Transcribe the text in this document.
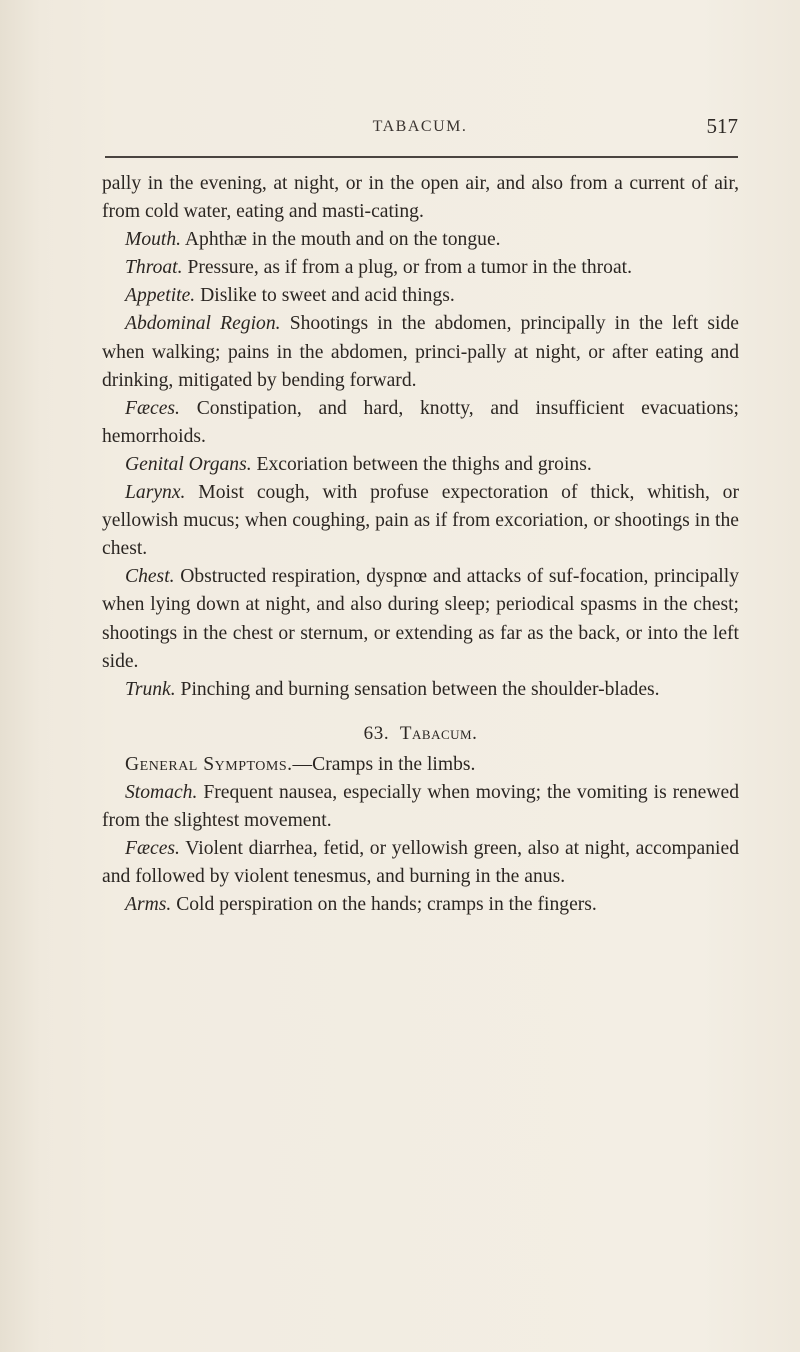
TABACUM.	517

pally in the evening, at night, or in the open air, and also from a current of air, from cold water, eating and masti-cating.

Mouth. Aphthæ in the mouth and on the tongue.

Throat. Pressure, as if from a plug, or from a tumor in the throat.

Appetite. Dislike to sweet and acid things.

Abdominal Region. Shootings in the abdomen, principally in the left side when walking; pains in the abdomen, princi-pally at night, or after eating and drinking, mitigated by bending forward.

Fæces. Constipation, and hard, knotty, and insufficient evacuations; hemorrhoids.

Genital Organs. Excoriation between the thighs and groins.

Larynx. Moist cough, with profuse expectoration of thick, whitish, or yellowish mucus; when coughing, pain as if from excoriation, or shootings in the chest.

Chest. Obstructed respiration, dyspnœ and attacks of suf-focation, principally when lying down at night, and also during sleep; periodical spasms in the chest; shootings in the chest or sternum, or extending as far as the back, or into the left side.

Trunk. Pinching and burning sensation between the shoulder-blades.

63. Tabacum.

General Symptoms.—Cramps in the limbs.

Stomach. Frequent nausea, especially when moving; the vomiting is renewed from the slightest movement.

Fæces. Violent diarrhea, fetid, or yellowish green, also at night, accompanied and followed by violent tenesmus, and burning in the anus.

Arms. Cold perspiration on the hands; cramps in the fingers.
